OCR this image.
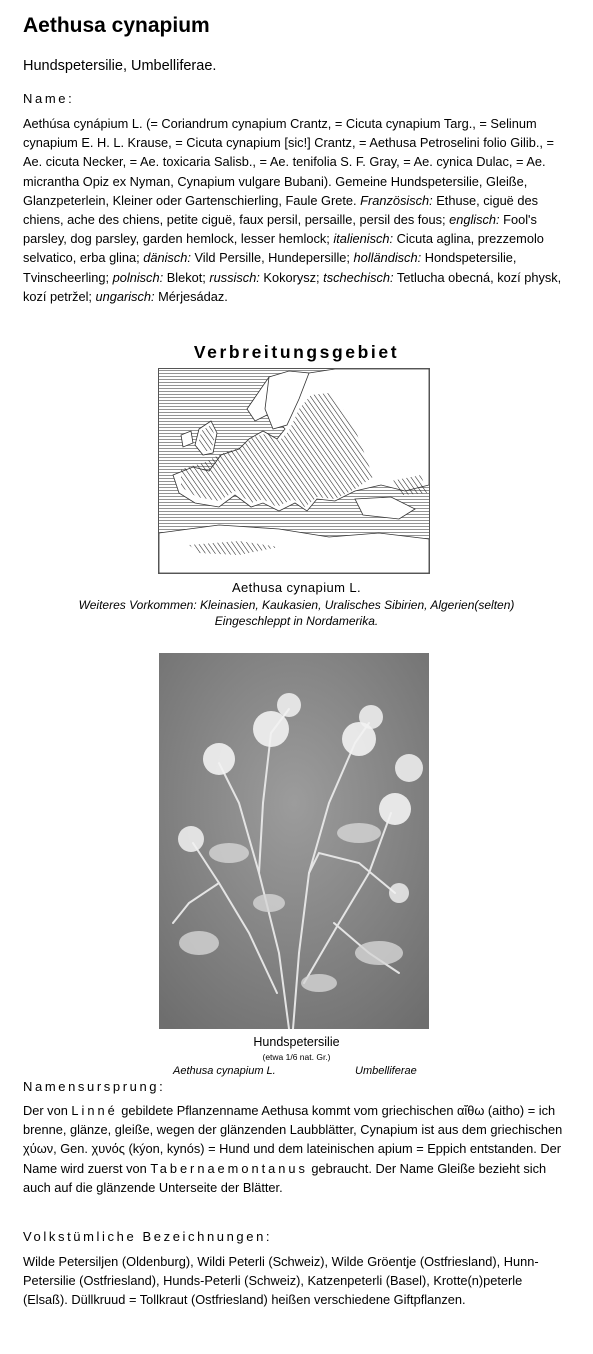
Aethusa cynapium

Hundspetersilie, Umbelliferae.

Name:

Aethúsa cynápium L. (= Coriandrum cynapium Crantz, = Cicuta cynapium Targ., = Selinum cynapium E. H. L. Krause, = Cicuta cynapium [sic!] Crantz, = Aethusa Petroselini folio Gilib., = Ae. cicuta Necker, = Ae. toxicaria Salisb., = Ae. tenifolia S. F. Gray, = Ae. cynica Dulac, = Ae. micrantha Opiz ex Nyman, Cynapium vulgare Bubani). Gemeine Hundspetersilie, Gleiße, Glanzpeterlein, Kleiner oder Gartenschierling, Faule Grete. Französisch: Ethuse, ciguë des chiens, ache des chiens, petite ciguë, faux persil, persaille, persil des fous; englisch: Fool's parsley, dog parsley, garden hemlock, lesser hemlock; italienisch: Cicuta aglina, prezzemolo selvatico, erba glina; dänisch: Vild Persille, Hundepersille; holländisch: Hondspetersilie, Tvinscheerling; polnisch: Blekot; russisch: Kokorysz; tschechisch: Tetlucha obecná, kozí physk, kozí petržel; ungarisch: Mérjesádaz.

Verbreitungsgebiet

Aethusa cynapium L.

Weiteres Vorkommen: Kleinasien, Kaukasien, Uralisches Sibirien, Algerien(selten)

Eingeschleppt in Nordamerika.

Hundspetersilie

(etwa 1/6 nat. Gr.)

Aethusa cynapium L.	Umbelliferae

Namensursprung:

Der von Linné gebildete Pflanzenname Aethusa kommt vom griechischen αἴθω (aitho) = ich brenne, glänze, gleiße, wegen der glänzenden Laubblätter, Cynapium ist aus dem griechischen χύων, Gen. χυνός (kýon, kynós) = Hund und dem lateinischen apium = Eppich entstanden. Der Name wird zuerst von Tabernaemontanus gebraucht. Der Name Gleiße bezieht sich auch auf die glänzende Unterseite der Blätter.

Volkstümliche Bezeichnungen:

Wilde Petersiljen (Oldenburg), Wildi Peterli (Schweiz), Wilde Gröentje (Ostfriesland), Hunn-Petersilie (Ostfriesland), Hunds-Peterli (Schweiz), Katzenpeterli (Basel), Krotte(n)peterle (Elsaß). Düllkruud = Tollkraut (Ostfriesland) heißen verschiedene Giftpflanzen.
